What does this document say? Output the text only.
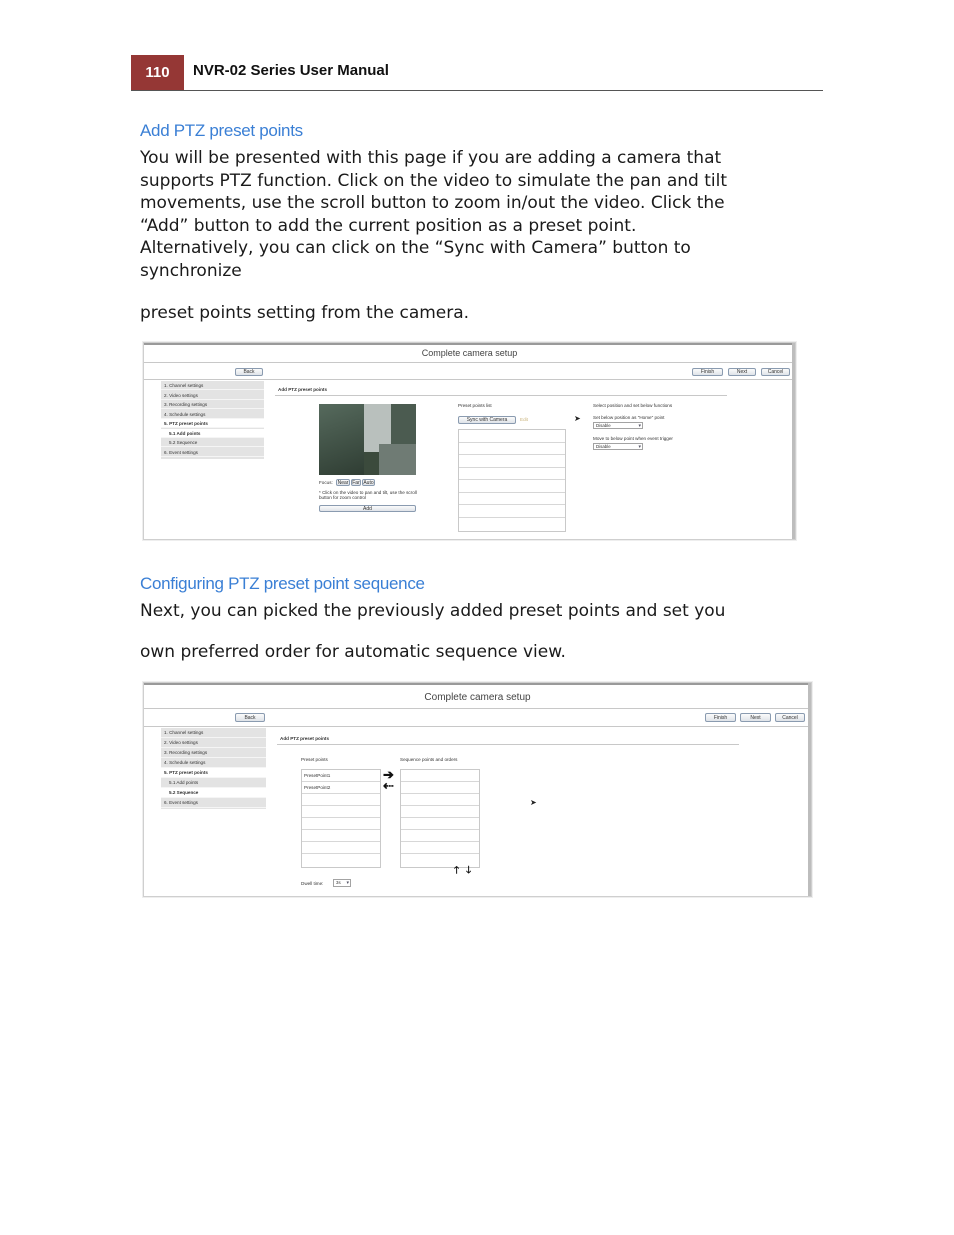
110	NVR-02 Series User Manual
Add PTZ preset points
You will be presented with this page if you are adding a camera that
supports PTZ function. Click on the video to simulate the pan and tilt
movements, use the scroll button to zoom in/out the video. Click the
“Add” button to add the current position as a preset point.
Alternatively, you can click on the “Sync with Camera” button to
synchronize
preset points setting from the camera.
Complete camera setup
Back	Finish	Next	Cancel
1. Channel settings
2. Video settings
3. Recording settings
4. Schedule settings
5. PTZ preset points
5.1 Add points
5.2 Sequence
6. Event settings
Add PTZ preset points
Focus: Near Far Auto
* Click on the video to pan and tilt, use the scroll button for zoom control
Add
Preset points list
Sync with Camera	Edit	➤
Select position and set below functions
Set below position as "Home" point
Disable ▾
Move to below point when event trigger
Disable ▾
Configuring PTZ preset point sequence
Next, you can picked the previously added preset points and set you
own preferred order for automatic sequence view.
Complete camera setup
Back	Finish	Next	Cancel
1. Channel settings
2. Video settings
3. Recording settings
4. Schedule settings
5. PTZ preset points
5.1 Add points
5.2 Sequence
6. Event settings
Add PTZ preset points
Preset points
PresetPoint1
PresetPoint2
➔
⇠
Sequence points and orders
🡑 🡓
➤
Dwell time:	3s ▾
